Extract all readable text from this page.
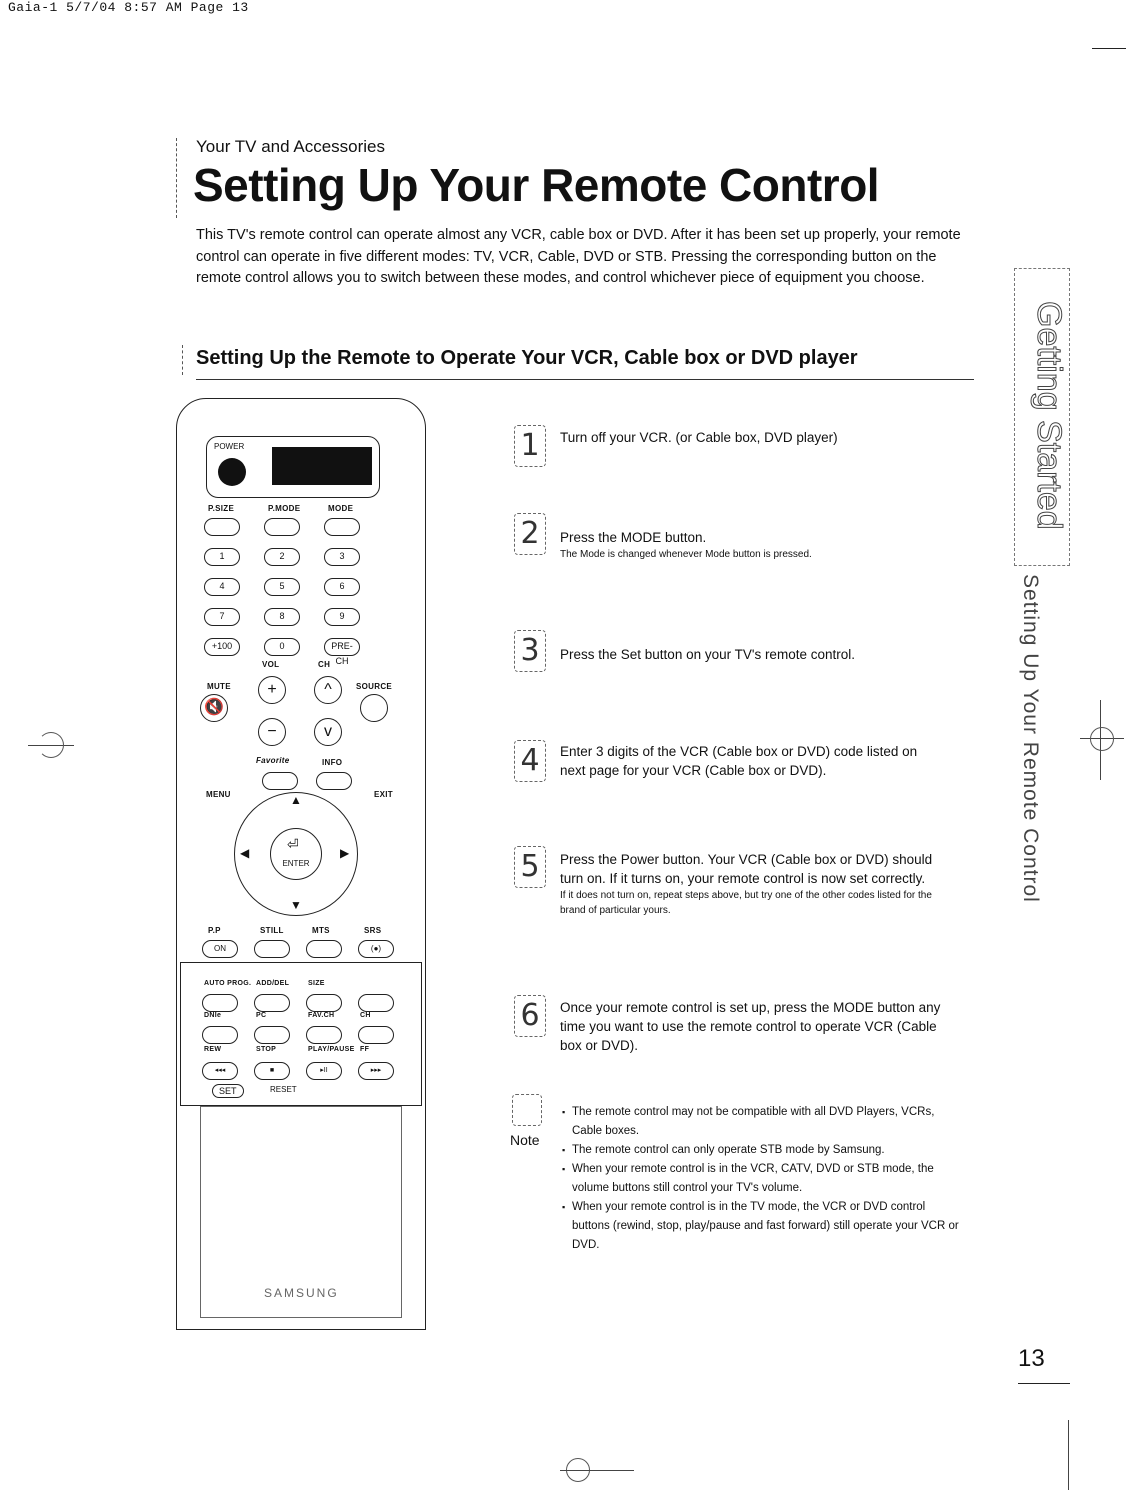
Gaia-1 5/7/04 8:57 AM Page 13
Your TV and Accessories
Setting Up Your Remote Control
This TV's remote control can operate almost any VCR, cable box or DVD. After it has been set up properly, your remote control can operate in five different modes: TV, VCR, Cable, DVD or STB. Pressing the corresponding button on the remote control allows you to switch between these modes, and control whichever piece of equipment you choose.
Setting Up the Remote to Operate Your VCR, Cable box or DVD player
POWER
P.SIZE	P.MODE	MODE
1	2	3
4	5	6
7	8	9
+100	0	PRE-CH
+	^
−	v
🔇
P.P
ON
STILL	MTS	SRS
(●)
AUTO PROG. ADD/DEL	SIZE
DNIe	PC	FAV.CH	CH
REW
◂◂◂
STOP
■
PLAY/PAUSE
▸II
FF
▸▸▸
ENTER
⏎
▲
▼
◀	▶
Favorite	INFO
MENU	EXIT
VOL	CH
MUTE	SOURCE
SAMSUNG
SET	RESET
1	Turn off your VCR. (or Cable box, DVD player)
2	Press the MODE button.
The Mode is changed whenever Mode button is pressed.
3	Press the Set button on your TV's remote control.
4	Enter 3 digits of the VCR (Cable box or DVD) code listed on next page for your VCR (Cable box or DVD).
5	Press the Power button. Your VCR (Cable box or DVD) should turn on. If it turns on, your remote control is now set correctly.
If it does not turn on, repeat steps above, but try one of the other codes listed for the brand of particular yours.
6	Once your remote control is set up, press the MODE button any time you want to use the remote control to operate VCR (Cable box or DVD).
Note
▪ The remote control may not be compatible with all DVD Players, VCRs, Cable boxes.
▪ The remote control can only operate STB mode by Samsung.
▪ When your remote control is in the VCR, CATV, DVD or STB mode, the volume buttons still control your TV's volume.
▪ When your remote control is in the TV mode, the VCR or DVD control buttons (rewind, stop, play/pause and fast forward) still operate your VCR or DVD.
Getting Started
Setting Up Your Remote Control
13
